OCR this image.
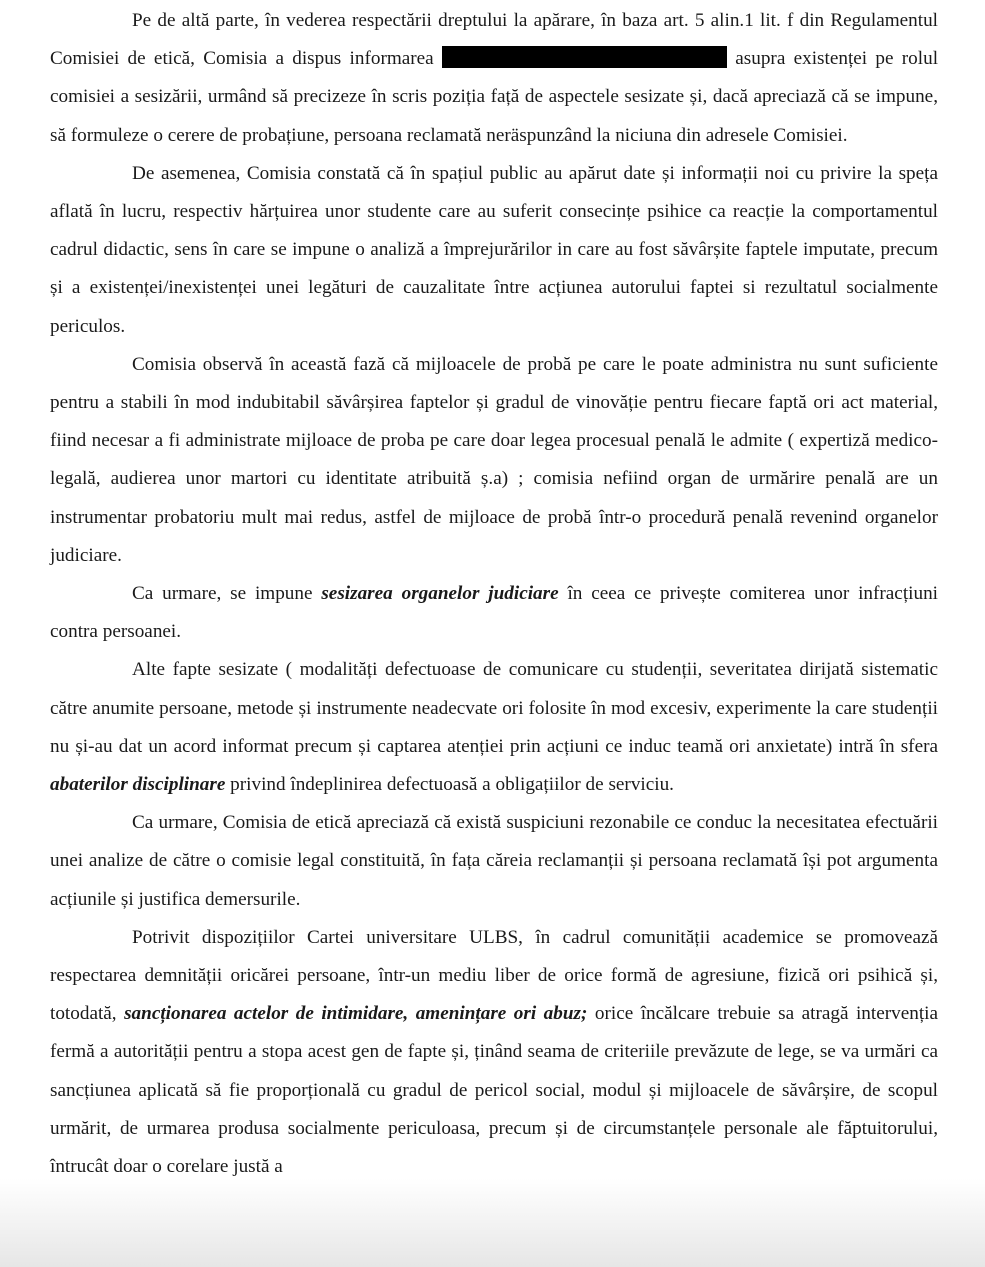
Pe de altă parte, în vederea respectării dreptului la apărare, în baza art. 5 alin.1 lit. f din Regulamentul Comisiei de etică, Comisia a dispus informarea	asupra existenței pe rolul comisiei a sesizării, urmând să precizeze în scris poziția față de aspectele sesizate și, dacă apreciază că se impune, să formuleze o cerere de probațiune, persoana reclamată neräspunzând la niciuna din adresele Comisiei.

De asemenea, Comisia constată că în spațiul public au apărut date și informații noi cu privire la speța aflată în lucru, respectiv hărțuirea unor studente care au suferit consecințe psihice ca reacție la comportamentul cadrul didactic, sens în care se impune o analiză a împrejurărilor in care au fost săvârșite faptele imputate, precum și a existenței/inexistenței unei legături de cauzalitate între acțiunea autorului faptei si rezultatul socialmente periculos.

Comisia observă în această fază că mijloacele de probă pe care le poate administra nu sunt suficiente pentru a stabili în mod indubitabil săvârșirea faptelor și gradul de vinovăție pentru fiecare faptă ori act material, fiind necesar a fi administrate mijloace de proba pe care doar legea procesual penală le admite ( expertiză medico-legală, audierea unor martori cu identitate atribuită ș.a) ; comisia nefiind organ de urmărire penală are un instrumentar probatoriu mult mai redus, astfel de mijloace de probă într-o procedură penală revenind organelor judiciare.

Ca urmare, se impune sesizarea organelor judiciare în ceea ce privește comiterea unor infracțiuni contra persoanei.

Alte fapte sesizate ( modalități defectuoase de comunicare cu studenții, severitatea dirijată sistematic către anumite persoane, metode și instrumente neadecvate ori folosite în mod excesiv, experimente la care studenții nu și-au dat un acord informat precum și captarea atenției prin acțiuni ce induc teamă ori anxietate) intră în sfera abaterilor disciplinare privind îndeplinirea defectuoasă a obligațiilor de serviciu.

Ca urmare, Comisia de etică apreciază că există suspiciuni rezonabile ce conduc la necesitatea efectuării unei analize de către o comisie legal constituită, în fața căreia reclamanții și persoana reclamată își pot argumenta acțiunile și justifica demersurile.

Potrivit dispozițiilor Cartei universitare ULBS, în cadrul comunității academice se promovează respectarea demnității oricărei persoane, într-un mediu liber de orice formă de agresiune, fizică ori psihică și, totodată, sancționarea actelor de intimidare, amenințare ori abuz; orice încălcare trebuie sa atragă intervenția fermă a autorității pentru a stopa acest gen de fapte și, ținând seama de criteriile prevăzute de lege, se va urmări ca sancțiunea aplicată să fie proporțională cu gradul de pericol social, modul și mijloacele de săvârșire, de scopul urmărit, de urmarea produsa socialmente periculoasa, precum și de circumstanțele personale ale făptuitorului, întrucât doar o corelare justă a
